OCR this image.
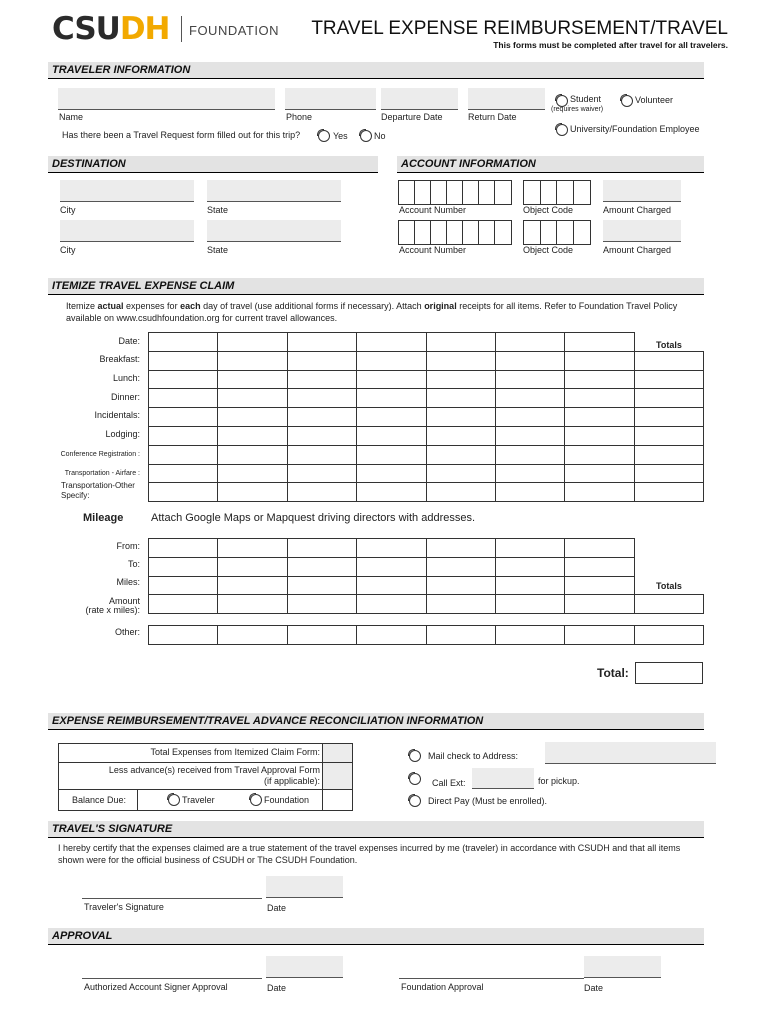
CSUDH FOUNDATION TRAVEL EXPENSE REIMBURSEMENT/TRAVEL
This forms must be completed after travel for all travelers.
TRAVELER INFORMATION
Name	Phone	Departure Date	Return Date
Student
(requires waiver)
Volunteer
University/Foundation Employee
Has there been a Travel Request form filled out for this trip?	Yes	No
DESTINATION	ACCOUNT INFORMATION
City	State
City	State
Account Number	Object Code	Amount Charged
Account Number	Object Code	Amount Charged
ITEMIZE TRAVEL EXPENSE CLAIM
Itemize actual expenses for each day of travel (use additional forms if necessary). Attach original receipts for all items. Refer to Foundation Travel Policy
available on www.csudhfoundation.org for current travel allowances.

Totals
Date:
Breakfast:
Lunch:
Dinner:
Incidentals:
Lodging:
Conference Registration :
Transportation - Airfare :
Transportation-Other
Specify:
Mileage	Attach Google Maps or Mapquest driving directors with addresses.

Totals
From:
To:
Miles:
Amount
(rate x miles):
Other:
Total:
EXPENSE REIMBURSEMENT/TRAVEL ADVANCE RECONCILIATION INFORMATION
Total Expenses from Itemized Claim Form:
Less advance(s) received from Travel Approval Form
(if applicable):
Balance Due:	Traveler	Foundation
Mail check to Address:
Call Ext:	for pickup.
Direct Pay (Must be enrolled).
TRAVEL'S SIGNATURE
I hereby certify that the expenses claimed are a true statement of the travel expenses incurred by me (traveler) in accordance with CSUDH and that all items
shown were for the official business of CSUDH or The CSUDH Foundation.
Traveler's Signature	Date
APPROVAL
Authorized Account Signer Approval	Date	Foundation Approval	Date
